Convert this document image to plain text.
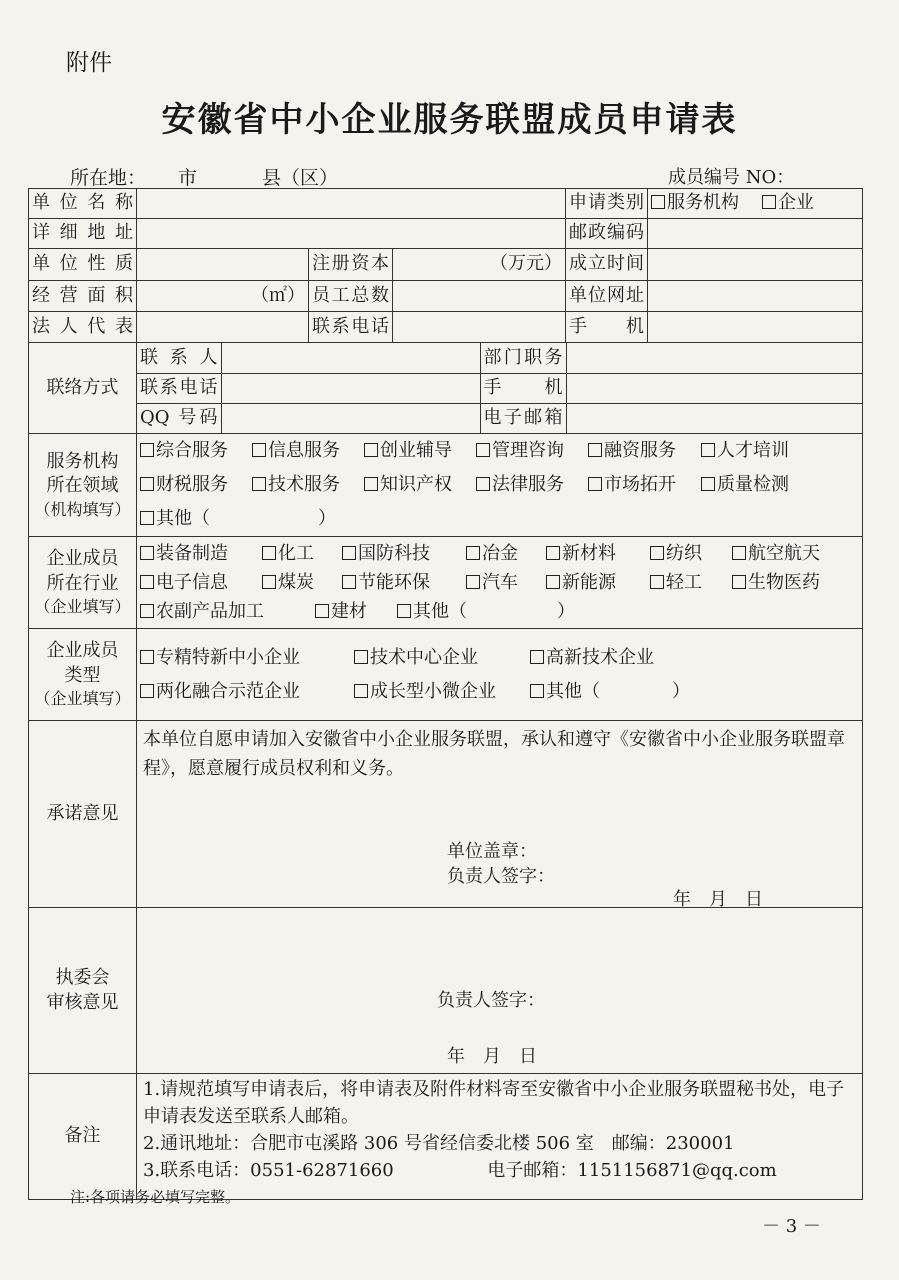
附件
安徽省中小企业服务联盟成员申请表
所在地： 市	县（区）	成员编号 NO：
单位名称		申请类别	服务机构 企业
详细地址		邮政编码	
单位性质		注册资本	（万元）	成立时间	
经营面积	（㎡）	员工总数		单位网址	
法人代表		联系电话		手　机	
联络方式	
联系人		部门职务	
联系电话		手　机	
QQ 号码		电子邮箱	

服务机构
所在领域
（机构填写）

综合服务 信息服务 创业辅导 管理咨询 融资服务 人才培训
财税服务 技术服务 知识产权 法律服务 市场拓开 质量检测
其他（　　　　　　）

企业成员
所在行业
（企业填写）

装备制造	化工 国防科技	冶金 新材料	纺织	航空航天
电子信息	煤炭 节能环保	汽车 新能源	轻工	生物医药
农副产品加工	建材	其他（　　　　　）

企业成员
类型
（企业填写）

专精特新中小企业	技术中心企业	高新技术企业
两化融合示范企业	成长型小微企业	其他（　　　　）

承诺意见	
本单位自愿申请加入安徽省中小企业服务联盟，承认和遵守《安徽省中小企业服务联盟章程》，愿意履行成员权利和义务。
单位盖章：
负责人签字：
年　月　日

执委会
审核意见	负责人签字：
年　月　日

备注	
1.请规范填写申请表后，将申请表及附件材料寄至安徽省中小企业服务联盟秘书处，电子申请表发送至联系人邮箱。
2.通讯地址：合肥市屯溪路 306 号省经信委北楼 506 室　邮编：230001
3.联系电话：0551-62871660	电子邮箱：1151156871@qq.com
注:各项请务必填写完整。
－ 3 －
